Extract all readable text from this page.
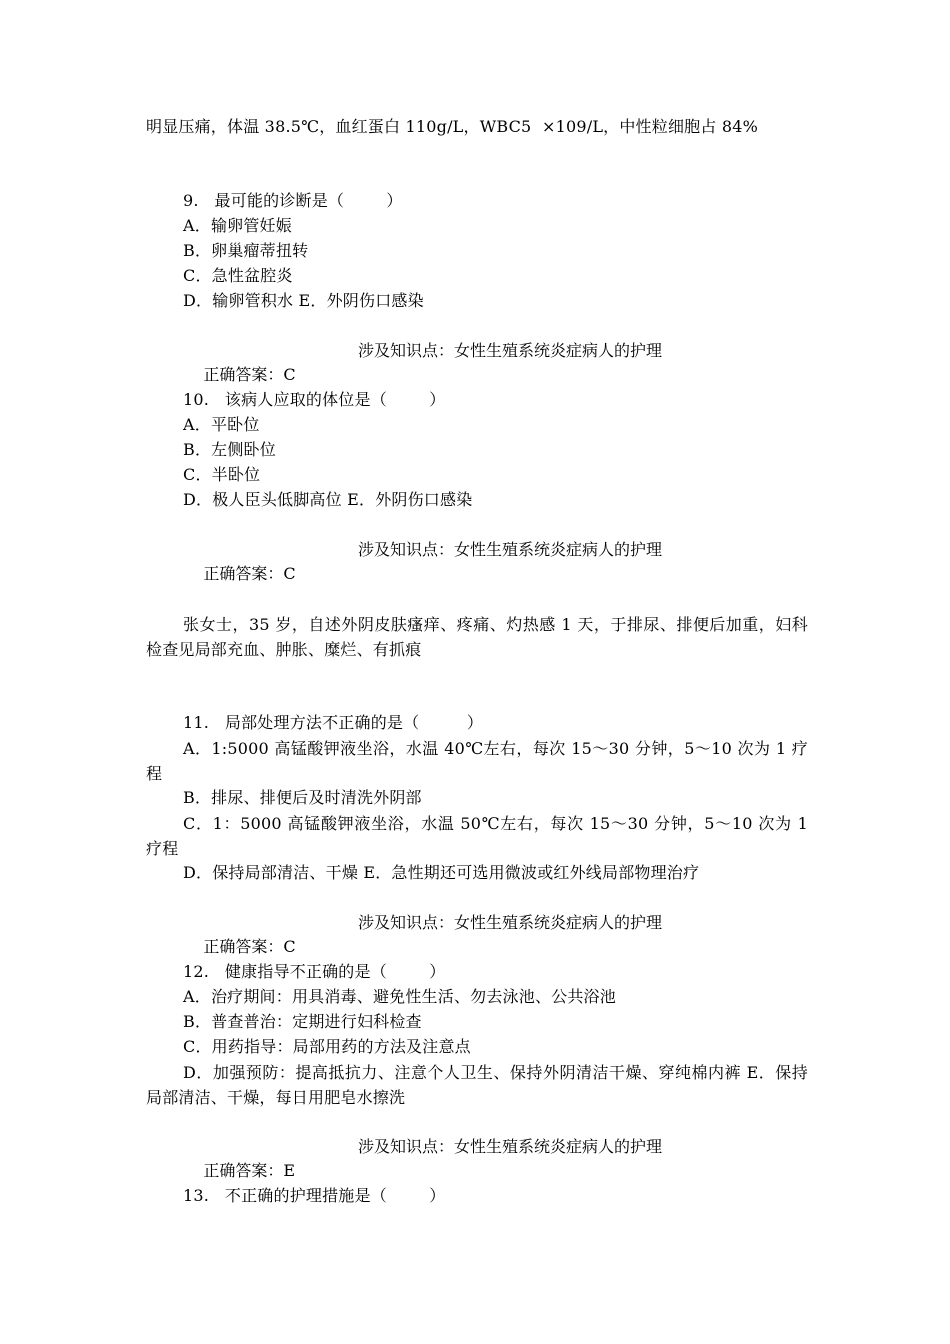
明显压痛，体温 38.5℃，血红蛋白 110g/L，WBC5  ×109/L，中性粒细胞占 84%
9.   最可能的诊断是（        ）
A．输卵管妊娠
B．卵巢瘤蒂扭转
C．急性盆腔炎
D．输卵管积水 E．外阴伤口感染

正确答案：C

涉及知识点：女性生殖系统炎症病人的护理

10.   该病人应取的体位是（        ）
A．平卧位
B．左侧卧位
C．半卧位
D．极人臣头低脚高位 E．外阴伤口感染

正确答案：C

涉及知识点：女性生殖系统炎症病人的护理

张女士，35 岁，自述外阴皮肤瘙痒、疼痛、灼热感 1 天，于排尿、排便后加重，妇科检查见局部充血、肿胀、糜烂、有抓痕
11.   局部处理方法不正确的是（         ）
A．1:5000 高锰酸钾液坐浴，水温 40℃左右，每次 15～30 分钟，5～10 次为 1 疗程
B．排尿、排便后及时清洗外阴部
C．1：5000 高锰酸钾液坐浴，水温 50℃左右，每次 15～30 分钟，5～10 次为 1 疗程
D．保持局部清洁、干燥 E．急性期还可选用微波或红外线局部物理治疗

正确答案：C

涉及知识点：女性生殖系统炎症病人的护理

12.   健康指导不正确的是（        ）
A．治疗期间：用具消毒、避免性生活、勿去泳池、公共浴池
B．普查普治：定期进行妇科检查
C．用药指导：局部用药的方法及注意点
D．加强预防：提高抵抗力、注意个人卫生、保持外阴清洁干燥、穿纯棉内裤 E．保持局部清洁、干燥，每日用肥皂水擦洗

正确答案：E

涉及知识点：女性生殖系统炎症病人的护理

13.   不正确的护理措施是（        ）
